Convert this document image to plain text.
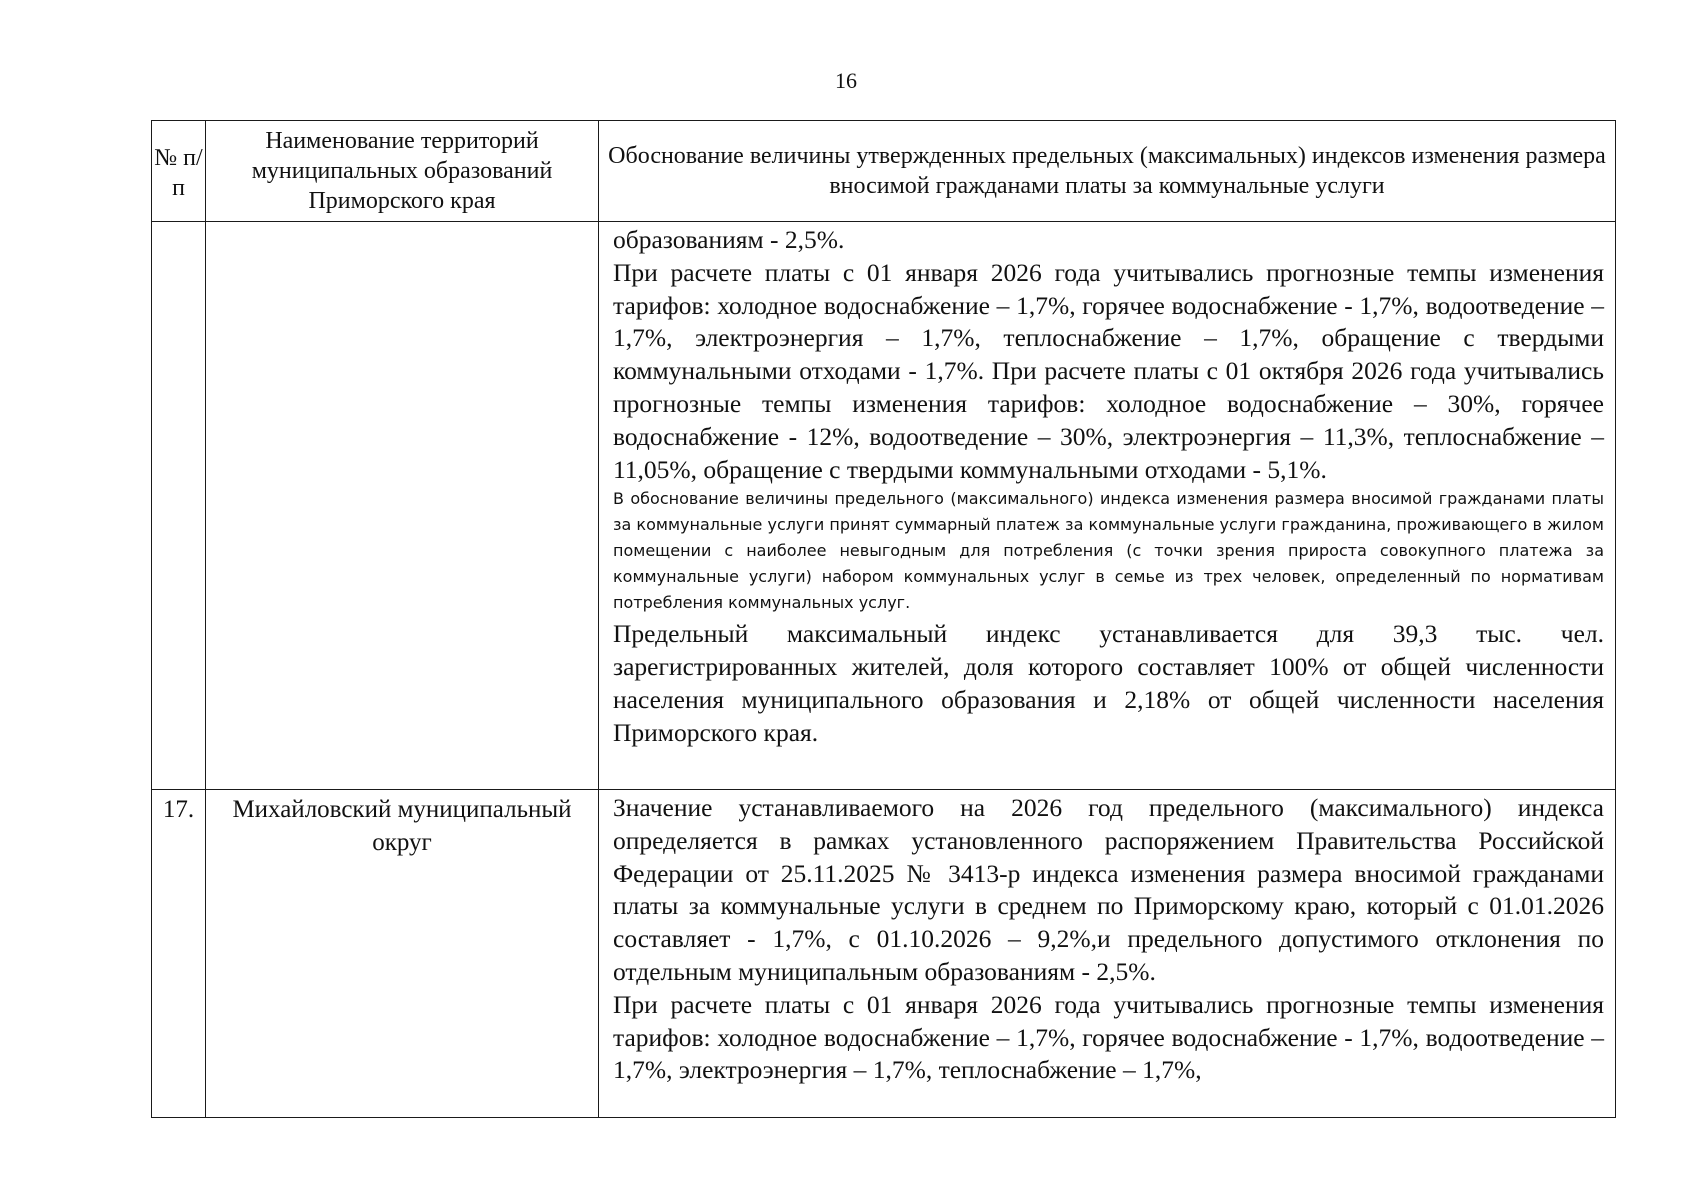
16
№ п/п	Наименование территорий муниципальных образований Приморского края	Обоснование величины утвержденных предельных (максимальных) индексов изменения размера вносимой гражданами платы за коммунальные услуги

		образованиям - 2,5%.

При расчете платы с 01 января 2026 года учитывались прогнозные темпы изменения тарифов: холодное водоснабжение – 1,7%, горячее водоснабжение - 1,7%, водоотведение – 1,7%, электроэнергия – 1,7%, теплоснабжение – 1,7%, обращение с твердыми коммунальными отходами - 1,7%. При расчете платы с 01 октября 2026 года учитывались прогнозные темпы изменения тарифов: холодное водоснабжение – 30%, горячее водоснабжение - 12%, водоотведение – 30%, электроэнергия – 11,3%, теплоснабжение – 11,05%, обращение с твердыми коммунальными отходами - 5,1%.

В обоснование величины предельного (максимального) индекса изменения размера вносимой гражданами платы за коммунальные услуги принят суммарный платеж за коммунальные услуги гражданина, проживающего в жилом помещении с наиболее невыгодным для потребления (с точки зрения прироста совокупного платежа за коммунальные услуги) набором коммунальных услуг в семье из трех человек, определенный по нормативам потребления коммунальных услуг.

Предельный максимальный индекс устанавливается для 39,3 тыс. чел. зарегистрированных жителей, доля которого составляет 100% от общей численности населения муниципального образования и 2,18% от общей численности населения Приморского края.

17.	Михайловский муниципальный округ	Значение устанавливаемого на 2026 год предельного (максимального) индекса определяется в рамках установленного распоряжением Правительства Российской Федерации от 25.11.2025 № 3413-р индекса изменения размера вносимой гражданами платы за коммунальные услуги в среднем по Приморскому краю, который с 01.01.2026 составляет - 1,7%, с 01.10.2026 – 9,2%,и предельного допустимого отклонения по отдельным муниципальным образованиям - 2,5%.

При расчете платы с 01 января 2026 года учитывались прогнозные темпы изменения тарифов: холодное водоснабжение – 1,7%, горячее водоснабжение - 1,7%, водоотведение – 1,7%, электроэнергия – 1,7%, теплоснабжение – 1,7%,
